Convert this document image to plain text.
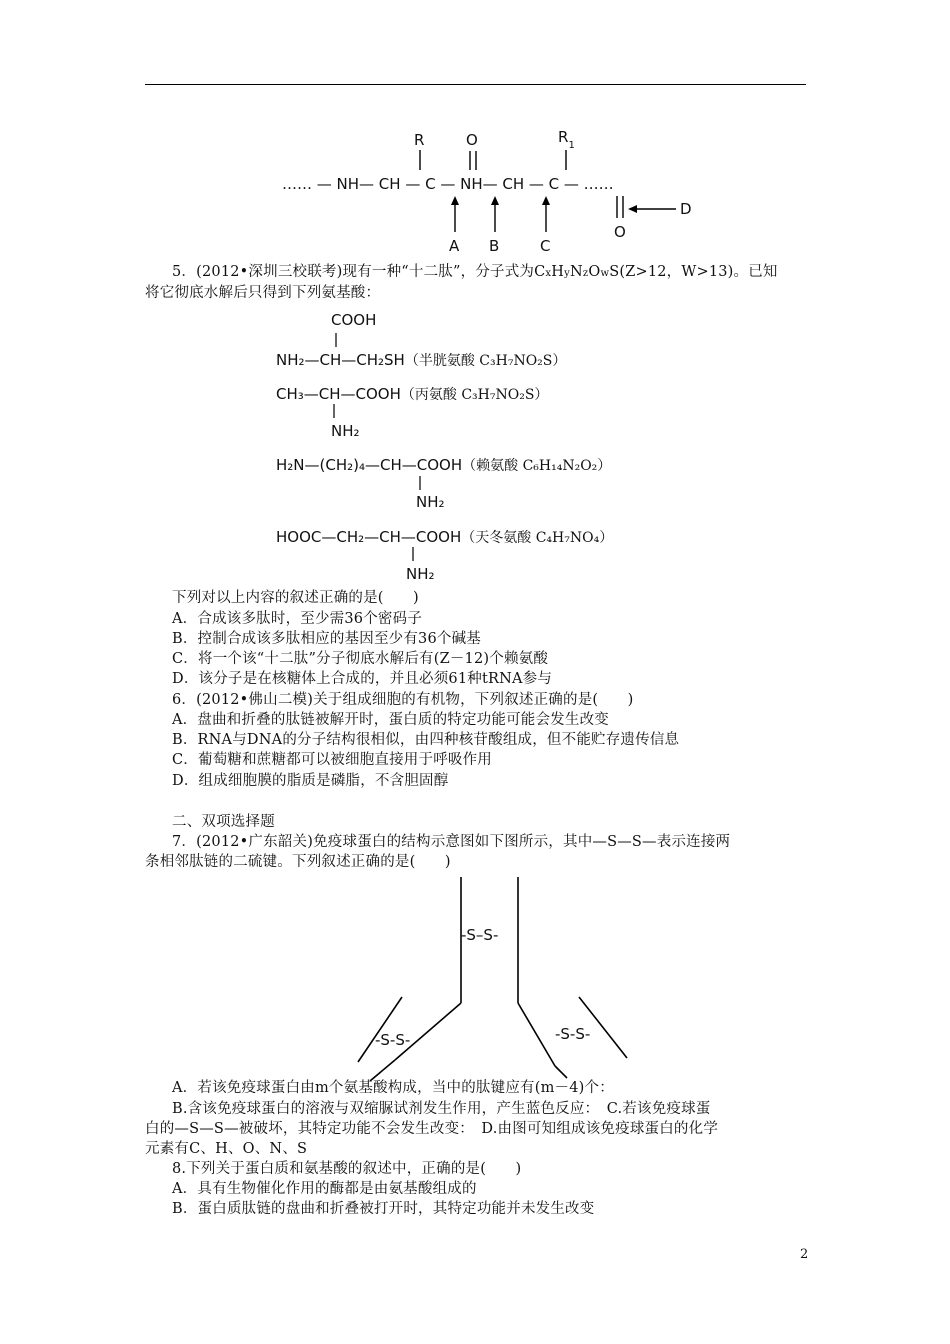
R	O	$R_1$
…… — NH— CH — C — NH— CH — C — ……
A B	C
D
O
5．(2012•深圳三校联考)现有一种“十二肽”，分子式为CxHyNzOwS(Z>12，W>13)。已知
将它彻底水解后只得到下列氨基酸：
COOH
NH₂—CH—CH₂SH（半胱氨酸 C₃H₇NO₂S）
CH₃—CH—COOH（丙氨酸 C₃H₇NO₂S）
NH₂
H₂N—(CH₂)₄—CH—COOH（赖氨酸 C₆H₁₄N₂O₂）
NH₂
HOOC—CH₂—CH—COOH（天冬氨酸 C₄H₇NO₄）
NH₂
下列对以上内容的叙述正确的是(　　)
A．合成该多肽时，至少需36个密码子
B．控制合成该多肽相应的基因至少有36个碱基
C．将一个该“十二肽”分子彻底水解后有(Z－12)个赖氨酸
D．该分子是在核糖体上合成的，并且必须61种tRNA参与
6．(2012•佛山二模)关于组成细胞的有机物，下列叙述正确的是(　　)
A．盘曲和折叠的肽链被解开时，蛋白质的特定功能可能会发生改变
B．RNA与DNA的分子结构很相似，由四种核苷酸组成，但不能贮存遗传信息
C．葡萄糖和蔗糖都可以被细胞直接用于呼吸作用
D．组成细胞膜的脂质是磷脂，不含胆固醇
二、双项选择题
7．(2012•广东韶关)免疫球蛋白的结构示意图如下图所示，其中—S—S—表示连接两
条相邻肽链的二硫键。下列叙述正确的是(　　)
-S–S-
-S-S-	-S-S-
A．若该免疫球蛋白由m个氨基酸构成，当中的肽键应有(m－4)个：
B.含该免疫球蛋白的溶液与双缩脲试剂发生作用，产生蓝色反应：　C.若该免疫球蛋
白的—S—S—被破坏，其特定功能不会发生改变：　D.由图可知组成该免疫球蛋白的化学
元素有C、H、O、N、S
8.下列关于蛋白质和氨基酸的叙述中，正确的是(　　)
A．具有生物催化作用的酶都是由氨基酸组成的
B．蛋白质肽链的盘曲和折叠被打开时，其特定功能并未发生改变
2
